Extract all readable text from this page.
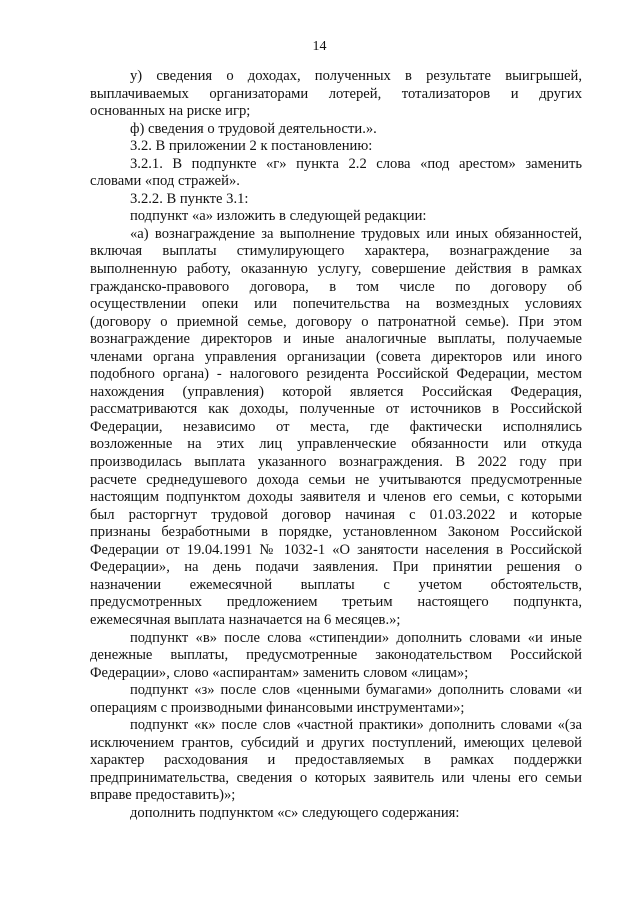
14
у) сведения о доходах, полученных в результате выигрышей,
выплачиваемых организаторами лотерей, тотализаторов и других
основанных на риске игр;
ф) сведения о трудовой деятельности.».
3.2. В приложении 2 к постановлению:
3.2.1. В подпункте «г» пункта 2.2 слова «под арестом» заменить
словами «под стражей».
3.2.2. В пункте 3.1:
подпункт «а» изложить в следующей редакции:
«а) вознаграждение за выполнение трудовых или иных обязанностей,
включая выплаты стимулирующего характера, вознаграждение за
выполненную работу, оказанную услугу, совершение действия в рамках
гражданско-правового договора, в том числе по договору об
осуществлении опеки или попечительства на возмездных условиях
(договору о приемной семье, договору о патронатной семье). При этом
вознаграждение директоров и иные аналогичные выплаты, получаемые
членами органа управления организации (совета директоров или иного
подобного органа) - налогового резидента Российской Федерации, местом
нахождения (управления) которой является Российская Федерация,
рассматриваются как доходы, полученные от источников в Российской
Федерации, независимо от места, где фактически исполнялись
возложенные на этих лиц управленческие обязанности или откуда
производилась выплата указанного вознаграждения. В 2022 году при
расчете среднедушевого дохода семьи не учитываются предусмотренные
настоящим подпунктом доходы заявителя и членов его семьи, с которыми
был расторгнут трудовой договор начиная с 01.03.2022 и которые
признаны безработными в порядке, установленном Законом Российской
Федерации от 19.04.1991 № 1032-1 «О занятости населения в Российской
Федерации», на день подачи заявления. При принятии решения о
назначении ежемесячной выплаты с учетом обстоятельств,
предусмотренных предложением третьим настоящего подпункта,
ежемесячная выплата назначается на 6 месяцев.»;
подпункт «в» после слова «стипендии» дополнить словами «и иные
денежные выплаты, предусмотренные законодательством Российской
Федерации», слово «аспирантам» заменить словом «лицам»;
подпункт «з» после слов «ценными бумагами» дополнить словами «и
операциям с производными финансовыми инструментами»;
подпункт «к» после слов «частной практики» дополнить словами «(за
исключением грантов, субсидий и других поступлений, имеющих целевой
характер расходования и предоставляемых в рамках поддержки
предпринимательства, сведения о которых заявитель или члены его семьи
вправе предоставить)»;
дополнить подпунктом «с» следующего содержания:
